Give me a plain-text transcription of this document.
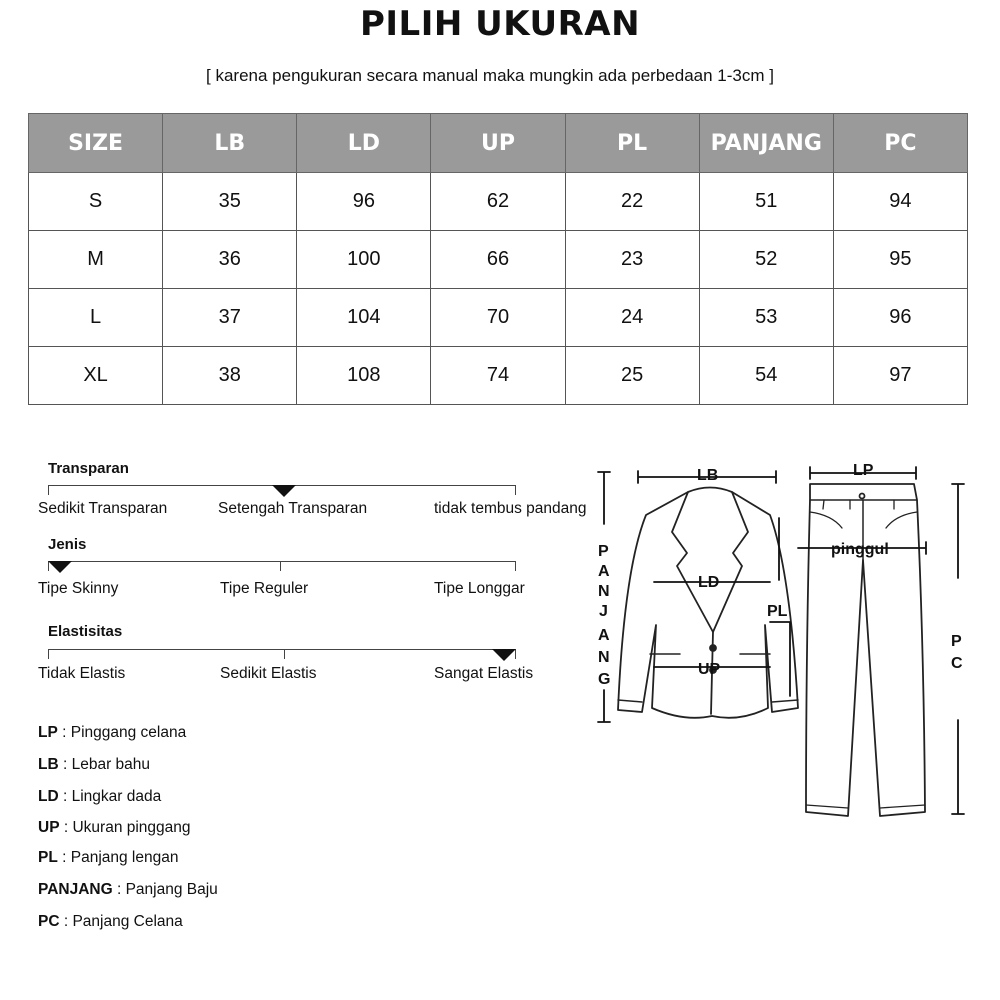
PILIH UKURAN
[ karena pengukuran secara manual maka mungkin ada perbedaan 1-3cm ]
SIZE	LB	LD	UP	PL	PANJANG	PC
S	35	96	62	22	51	94
M	36	100	66	23	52	95
L	37	104	70	24	53	96
XL	38	108	74	25	54	97
Transparan
Sedikit Transparan	Setengah Transparan	tidak tembus pandang
Jenis
Tipe Skinny	Tipe Reguler	Tipe Longgar
Elastisitas
Tidak Elastis	Sedikit Elastis	Sangat Elastis
LP : Pinggang celana
LB : Lebar bahu
LD : Lingkar dada
UP : Ukuran pinggang
PL : Panjang lengan
PANJANG : Panjang Baju
PC : Panjang Celana
LB
LD
UP
PL
LP
pinggul
P
A
N
J
A
N
G
P
C
